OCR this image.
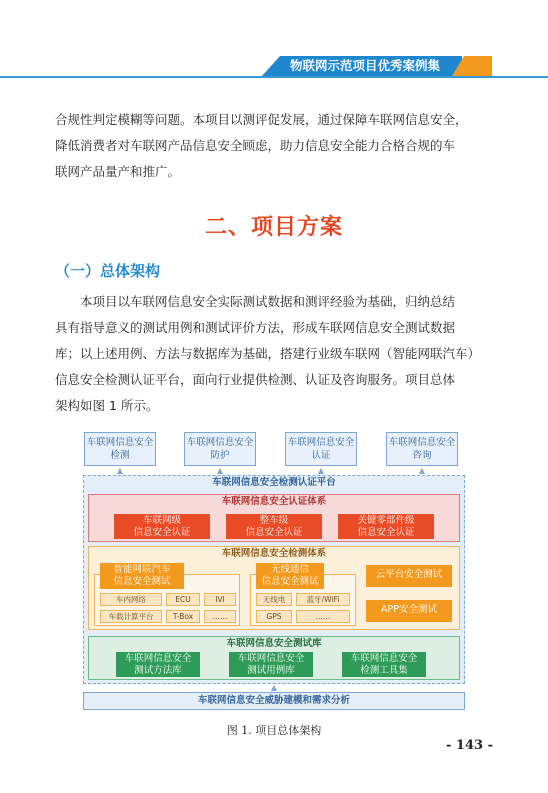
物联网示范项目优秀案例集
合规性判定模糊等问题。本项目以测评促发展，通过保障车联网信息安全，
降低消费者对车联网产品信息安全顾虑，助力信息安全能力合格合规的车
联网产品量产和推广。
二、项目方案
（一）总体架构
本项目以车联网信息安全实际测试数据和测评经验为基础，归纳总结
具有指导意义的测试用例和测试评价方法，形成车联网信息安全测试数据
库；以上述用例、方法与数据库为基础，搭建行业级车联网（智能网联汽车）
信息安全检测认证平台，面向行业提供检测、认证及咨询服务。项目总体
架构如图 1 所示。
车联网信息安全
检测
车联网信息安全
防护
车联网信息安全
认证
车联网信息安全
咨询
▲	▲	▲	▲
车联网信息安全检测认证平台
车联网信息安全认证体系
车联网级
信息安全认证
整车级
信息安全认证
关键零部件级
信息安全认证
车联网信息安全检测体系
智能网联汽车
信息安全测试
车内网络	ECU	IVI
车载计算平台	T-Box	……
无线通信
信息安全测试
无线电	蓝牙/WiFi
GPS	……
云平台安全测试
APP安全测试
车联网信息安全测试库
车联网信息安全
测试方法库
车联网信息安全
测试用例库
车联网信息安全
检测工具集
▲
车联网信息安全威胁建模和需求分析
图 1. 项目总体架构
- 143 -
